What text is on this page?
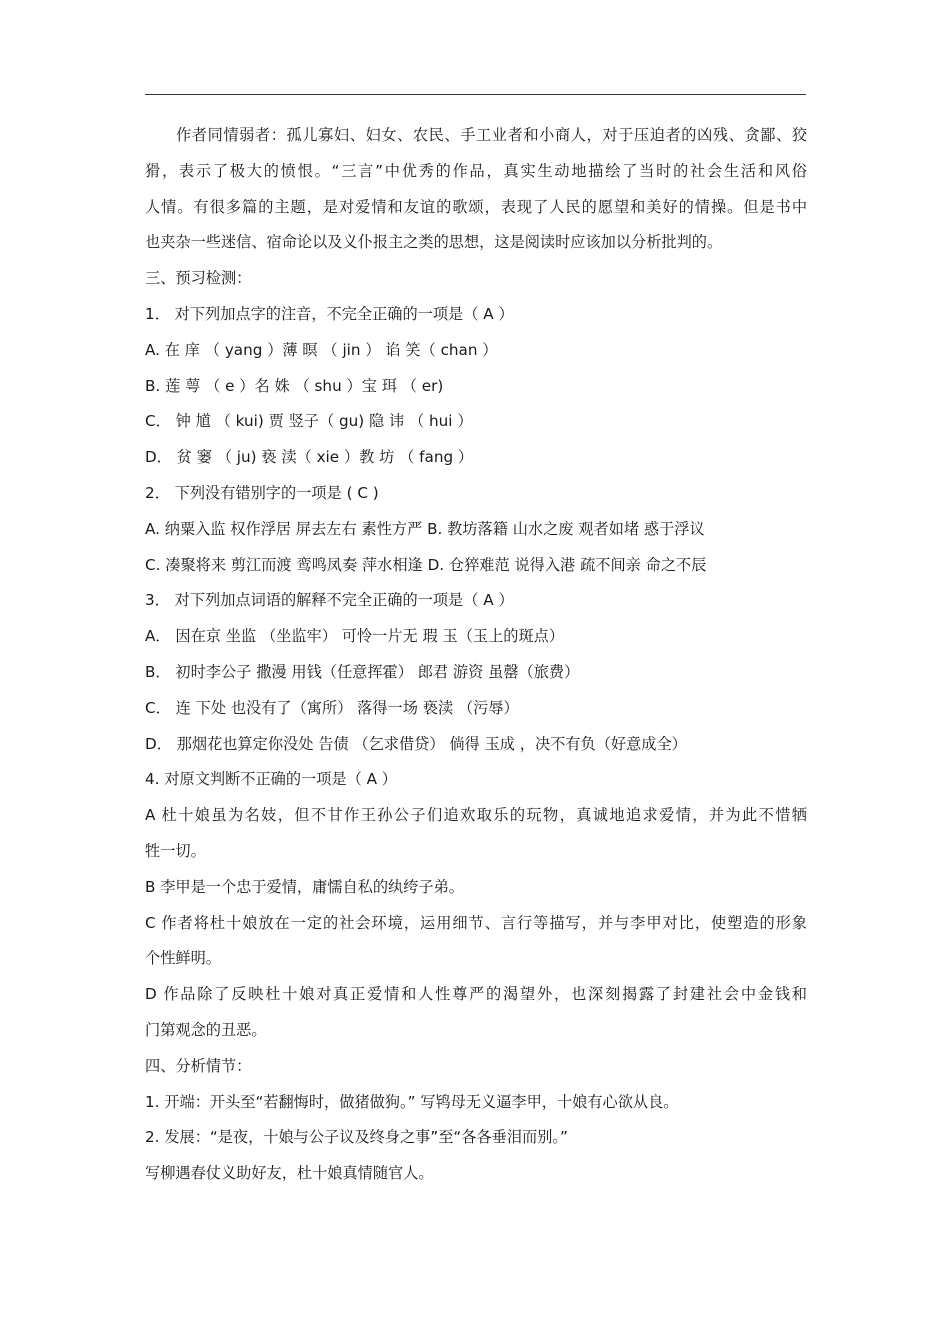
作者同情弱者：孤儿寡妇、妇女、农民、手工业者和小商人，对于压迫者的凶残、贪鄙、狡
猾，表示了极大的愤恨。“三言”中优秀的作品，真实生动地描绘了当时的社会生活和风俗
人情。有很多篇的主题，是对爱情和友谊的歌颂，表现了人民的愿望和美好的情操。但是书中
也夹杂一些迷信、宿命论以及义仆报主之类的思想，这是阅读时应该加以分析批判的。
三、预习检测：
1． 对下列加点字的注音，不完全正确的一项是（ A ）
A. 在 庠 （ yang ）薄 暝 （ jin ） 谄 笑（ chan ）
B. 莲 萼 （ e ）名 姝 （ shu ）宝 珥 （ er)
C． 钟 馗 （ kui) 贾 竖子（ gu) 隐 讳 （ hui ）
D． 贫 窭 （ ju) 亵 渎（ xie ）教 坊 （ fang ）
2． 下列没有错别字的一项是 ( C )
A. 纳粟入监 权作浮居 屏去左右 素性方严 B. 教坊落籍 山水之废 观者如堵 惑于浮议
C. 凑聚将来 剪江而渡 鸾鸣凤奏 萍水相逢 D. 仓猝难范 说得入港 疏不间亲 命之不辰
3． 对下列加点词语的解释不完全正确的一项是（ A ）
A． 因在京 坐监 （坐监牢） 可怜一片无 瑕 玉（玉上的斑点）
B． 初时李公子 撒漫 用钱（任意挥霍） 郎君 游资 虽罄（旅费）
C． 连 下处 也没有了（寓所） 落得一场 亵渎 （污辱）
D． 那烟花也算定你没处 告债 （乞求借贷） 倘得 玉成 ，决不有负（好意成全）
4. 对原文判断不正确的一项是（ A ）
A 杜十娘虽为名妓，但不甘作王孙公子们追欢取乐的玩物，真诚地追求爱情，并为此不惜牺
牲一切。
B 李甲是一个忠于爱情，庸懦自私的纨绔子弟。
C 作者将杜十娘放在一定的社会环境，运用细节、言行等描写，并与李甲对比，使塑造的形象
个性鲜明。
D 作品除了反映杜十娘对真正爱情和人性尊严的渴望外，也深刻揭露了封建社会中金钱和
门第观念的丑恶。
四、分析情节：
1. 开端：开头至“若翻悔时，做猪做狗。” 写鸨母无义逼李甲，十娘有心欲从良。
2. 发展：“是夜，十娘与公子议及终身之事”至“各各垂泪而别。”
写柳遇春仗义助好友，杜十娘真情随官人。
